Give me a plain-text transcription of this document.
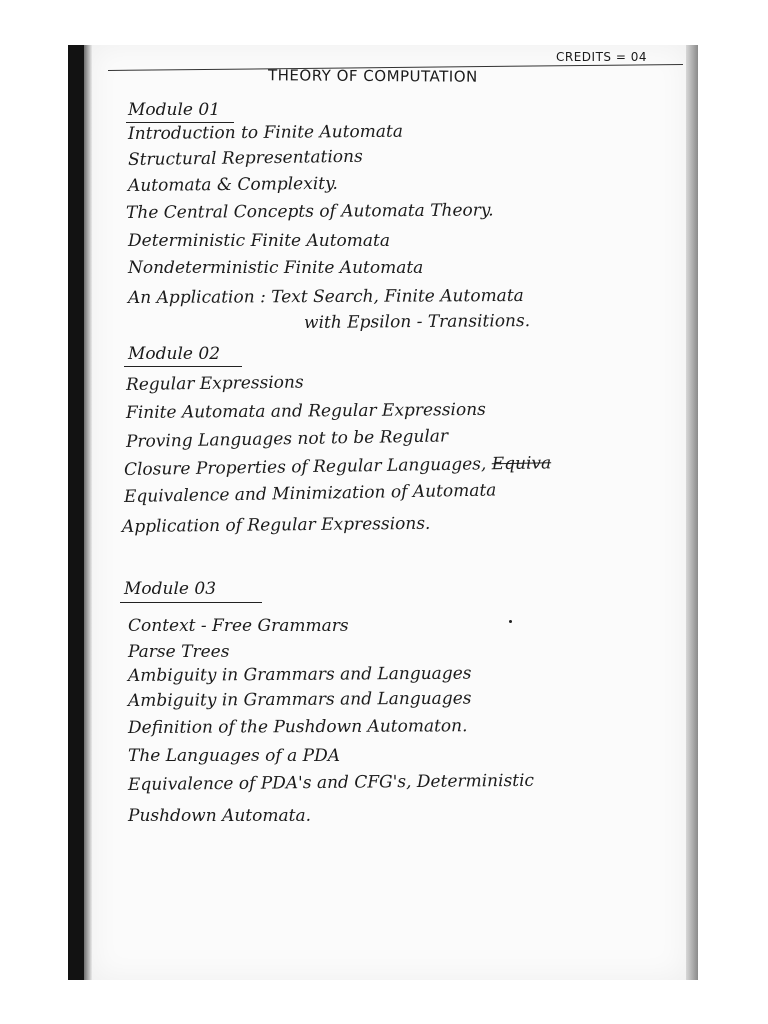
CREDITS = 04
THEORY OF COMPUTATION
Module 01
Introduction to Finite Automata
Structural Representations
Automata & Complexity.
The Central Concepts of Automata Theory.
Deterministic Finite Automata
Nondeterministic Finite Automata
An Application : Text Search, Finite Automata
with Epsilon - Transitions.
Module 02
Regular Expressions
Finite Automata and Regular Expressions
Proving Languages not to be Regular
Closure Properties of Regular Languages, Equiva
Equivalence and Minimization of Automata
Application of Regular Expressions.
Module 03
Context - Free Grammars
Parse Trees
Ambiguity in Grammars and Languages
Ambiguity in Grammars and Languages
Definition of the Pushdown Automaton.
The Languages of a PDA
Equivalence of PDA's and CFG's, Deterministic
Pushdown Automata.
